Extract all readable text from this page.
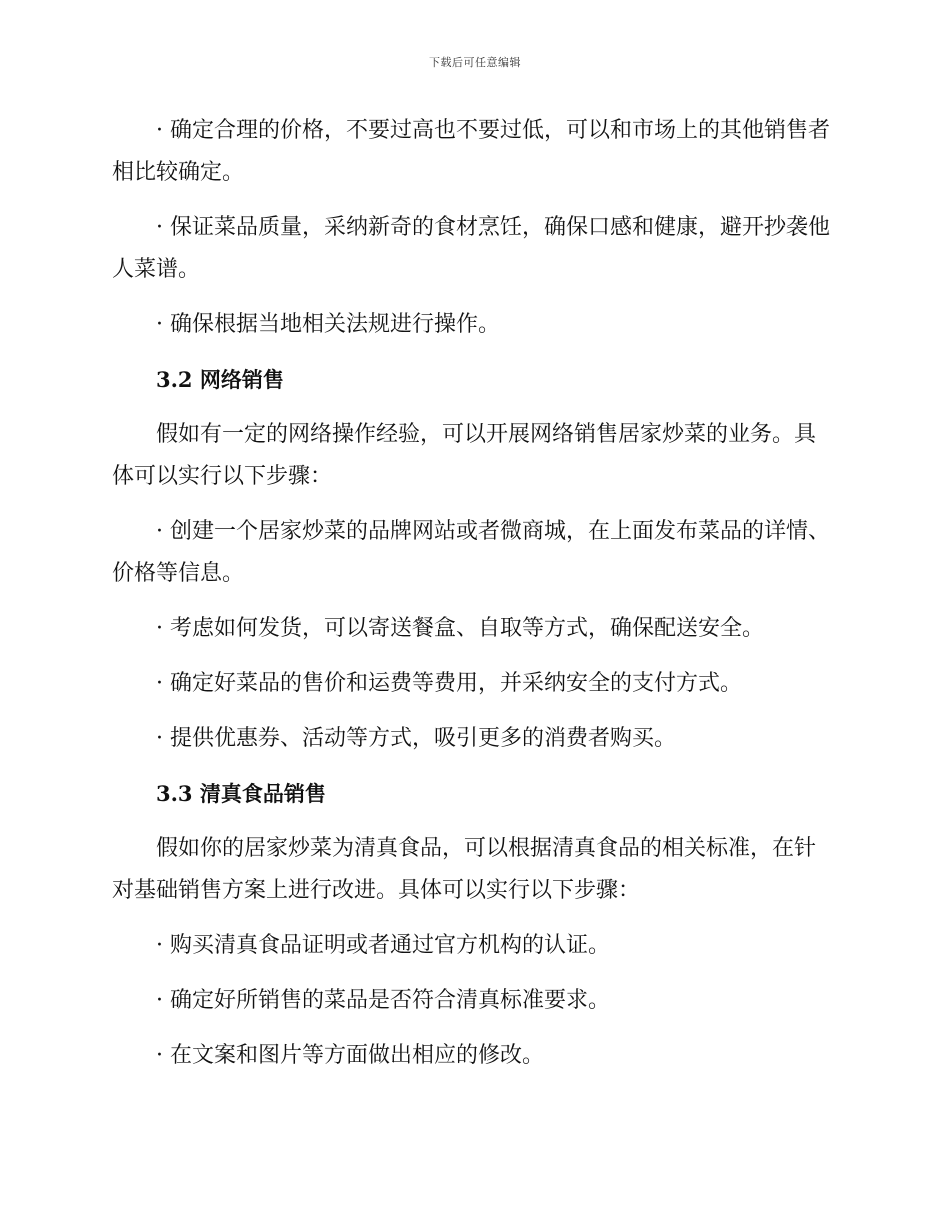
下载后可任意编辑

· 确定合理的价格，不要过高也不要过低，可以和市场上的其他销售者相比较确定。

· 保证菜品质量，采纳新奇的食材烹饪，确保口感和健康，避开抄袭他人菜谱。

· 确保根据当地相关法规进行操作。

3.2 网络销售

假如有一定的网络操作经验，可以开展网络销售居家炒菜的业务。具体可以实行以下步骤：

· 创建一个居家炒菜的品牌网站或者微商城，在上面发布菜品的详情、价格等信息。

· 考虑如何发货，可以寄送餐盒、自取等方式，确保配送安全。

· 确定好菜品的售价和运费等费用，并采纳安全的支付方式。

· 提供优惠券、活动等方式，吸引更多的消费者购买。

3.3 清真食品销售

假如你的居家炒菜为清真食品，可以根据清真食品的相关标准，在针对基础销售方案上进行改进。具体可以实行以下步骤：

· 购买清真食品证明或者通过官方机构的认证。

· 确定好所销售的菜品是否符合清真标准要求。

· 在文案和图片等方面做出相应的修改。
